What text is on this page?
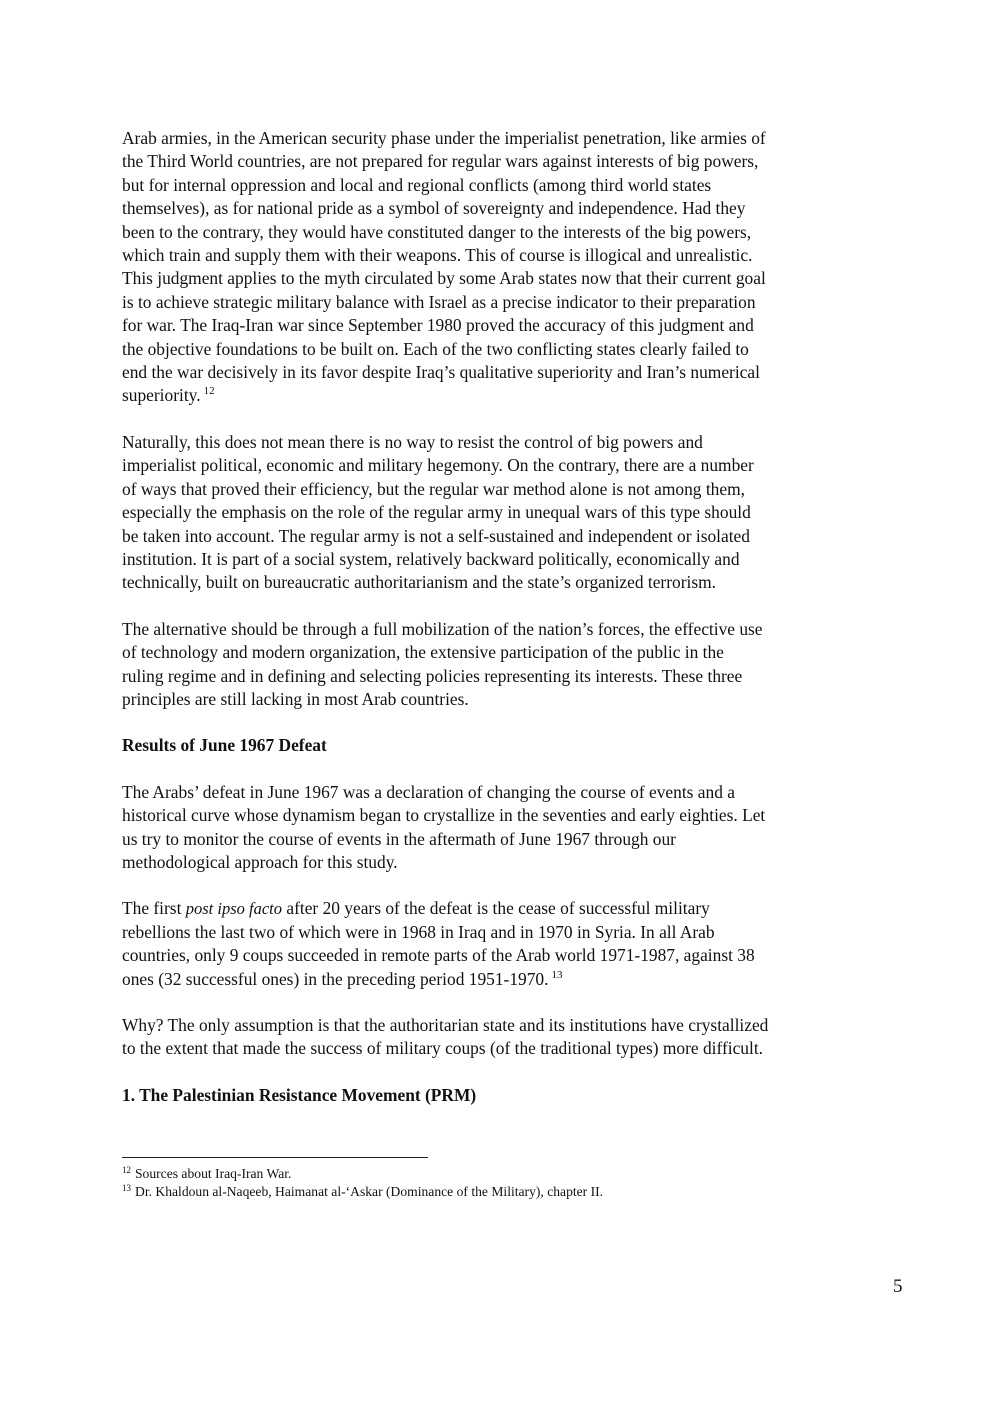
Arab armies, in the American security phase under the imperialist penetration, like armies of
the Third World countries, are not prepared for regular wars against interests of big powers,
but for internal oppression and local and regional conflicts (among third world states
themselves), as for national pride as a symbol of sovereignty and independence. Had they
been to the contrary, they would have constituted danger to the interests of the big powers,
which train and supply them with their weapons. This of course is illogical and unrealistic.
This judgment applies to the myth circulated by some Arab states now that their current goal
is to achieve strategic military balance with Israel as a precise indicator to their preparation
for war. The Iraq-Iran war since September 1980 proved the accuracy of this judgment and
the objective foundations to be built on. Each of the two conflicting states clearly failed to
end the war decisively in its favor despite Iraq’s qualitative superiority and Iran’s numerical
superiority. $^{12}$

Naturally, this does not mean there is no way to resist the control of big powers and
imperialist political, economic and military hegemony. On the contrary, there are a number
of ways that proved their efficiency, but the regular war method alone is not among them,
especially the emphasis on the role of the regular army in unequal wars of this type should
be taken into account. The regular army is not a self-sustained and independent or isolated
institution. It is part of a social system, relatively backward politically, economically and
technically, built on bureaucratic authoritarianism and the state’s organized terrorism.

The alternative should be through a full mobilization of the nation’s forces, the effective use
of technology and modern organization, the extensive participation of the public in the
ruling regime and in defining and selecting policies representing its interests. These three
principles are still lacking in most Arab countries.

Results of June 1967 Defeat

The Arabs’ defeat in June 1967 was a declaration of changing the course of events and a
historical curve whose dynamism began to crystallize in the seventies and early eighties. Let
us try to monitor the course of events in the aftermath of June 1967 through our
methodological approach for this study.

The first post ipso facto after 20 years of the defeat is the cease of successful military
rebellions the last two of which were in 1968 in Iraq and in 1970 in Syria. In all Arab
countries, only 9 coups succeeded in remote parts of the Arab world 1971-1987, against 38
ones (32 successful ones) in the preceding period 1951-1970. $^{13}$

Why? The only assumption is that the authoritarian state and its institutions have crystallized
to the extent that made the success of military coups (of the traditional types) more difficult.

1. The Palestinian Resistance Movement (PRM)
$^{12}$ Sources about Iraq-Iran War.
$^{13}$ Dr. Khaldoun al-Naqeeb, Haimanat al-‘Askar (Dominance of the Military), chapter II.
5
